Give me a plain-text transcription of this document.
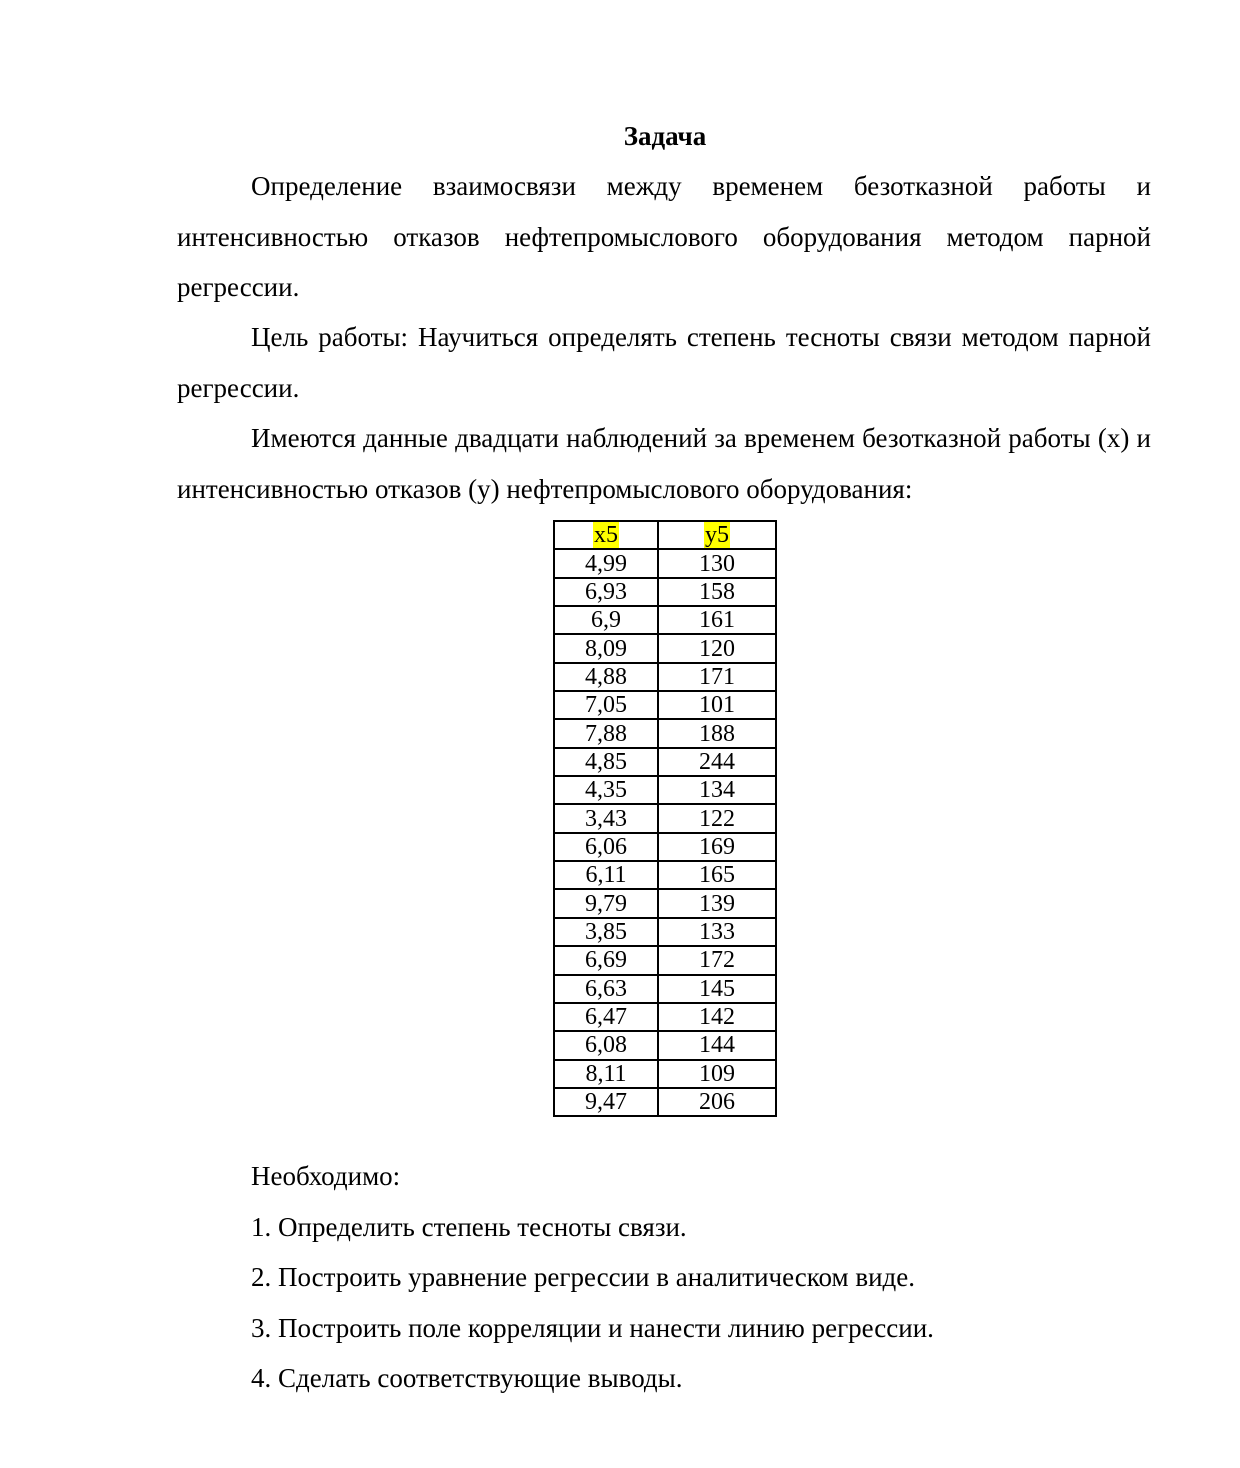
Задача

Определение взаимосвязи между временем безотказной работы и интенсивностью отказов нефтепромыслового оборудования методом парной регрессии.

Цель работы: Научиться определять степень тесноты связи методом парной регрессии.

Имеются данные двадцати наблюдений за временем безотказной работы (x) и интенсивностью отказов (y) нефтепромыслового оборудования:

x5	y5
4,99	130
6,93	158
6,9	161
8,09	120
4,88	171
7,05	101
7,88	188
4,85	244
4,35	134
3,43	122
6,06	169
6,11	165
9,79	139
3,85	133
6,69	172
6,63	145
6,47	142
6,08	144
8,11	109
9,47	206
Необходимо:
1. Определить степень тесноты связи.
2. Построить уравнение регрессии в аналитическом виде.
3. Построить поле корреляции и нанести линию регрессии.
4. Сделать соответствующие выводы.
